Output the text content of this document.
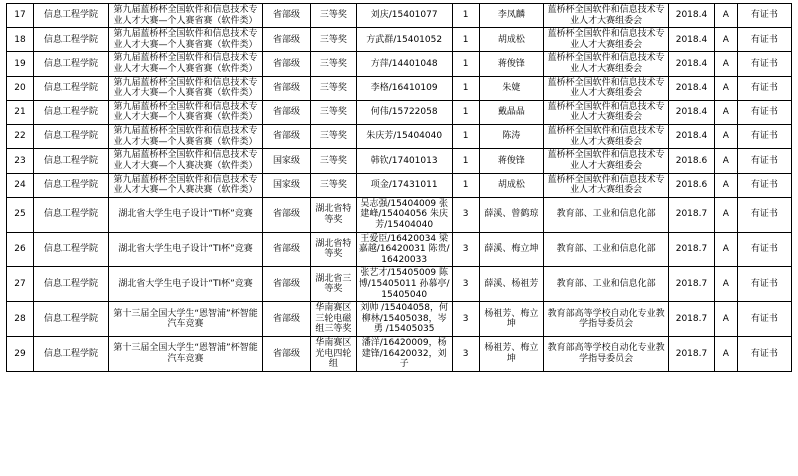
17	信息工程学院	第九届蓝桥杯全国软件和信息技术专业人才大赛—个人赛省赛（软件类）	省部级	三等奖	刘庆/15401077	1	李凤麟	蓝桥杯全国软件和信息技术专业人才大赛组委会	2018.4	A	有证书
18	信息工程学院	第九届蓝桥杯全国软件和信息技术专业人才大赛—个人赛省赛（软件类）	省部级	三等奖	方武群/15401052	1	胡成松	蓝桥杯全国软件和信息技术专业人才大赛组委会	2018.4	A	有证书
19	信息工程学院	第九届蓝桥杯全国软件和信息技术专业人才大赛—个人赛省赛（软件类）	省部级	三等奖	方萍/14401048	1	蒋俊锋	蓝桥杯全国软件和信息技术专业人才大赛组委会	2018.4	A	有证书
20	信息工程学院	第九届蓝桥杯全国软件和信息技术专业人才大赛—个人赛省赛（软件类）	省部级	三等奖	李格/16410109	1	朱婕	蓝桥杯全国软件和信息技术专业人才大赛组委会	2018.4	A	有证书
21	信息工程学院	第九届蓝桥杯全国软件和信息技术专业人才大赛—个人赛省赛（软件类）	省部级	三等奖	何伟/15722058	1	戴晶晶	蓝桥杯全国软件和信息技术专业人才大赛组委会	2018.4	A	有证书
22	信息工程学院	第九届蓝桥杯全国软件和信息技术专业人才大赛—个人赛省赛（软件类）	省部级	三等奖	朱庆芳/15404040	1	陈涛	蓝桥杯全国软件和信息技术专业人才大赛组委会	2018.4	A	有证书
23	信息工程学院	第九届蓝桥杯全国软件和信息技术专业人才大赛—个人赛决赛（软件类）	国家级	三等奖	韩钦/17401013	1	蒋俊锋	蓝桥杯全国软件和信息技术专业人才大赛组委会	2018.6	A	有证书
24	信息工程学院	第九届蓝桥杯全国软件和信息技术专业人才大赛—个人赛决赛（软件类）	国家级	三等奖	项金/17431011	1	胡成松	蓝桥杯全国软件和信息技术专业人才大赛组委会	2018.6	A	有证书
25	信息工程学院	湖北省大学生电子设计“TI杯”竞赛	省部级	湖北省特等奖	吴志强/15404009 张建峰/15404056 朱庆芳/15404040	3	薛溪、曾鹤琼	教育部、工业和信息化部	2018.7	A	有证书
26	信息工程学院	湖北省大学生电子设计“TI杯”竞赛	省部级	湖北省特等奖	王爱臣/16420034 梁嘉越/16420031 陈贵/16420033	3	薛溪、梅立坤	教育部、工业和信息化部	2018.7	A	有证书
27	信息工程学院	湖北省大学生电子设计“TI杯”竞赛	省部级	湖北省三等奖	张艺才/15405009 陈博/15405011 孙慕亭/15405040	3	薛溪、杨祖芳	教育部、工业和信息化部	2018.7	A	有证书
28	信息工程学院	第十三届全国大学生“恩智浦”杯智能汽车竞赛	省部级	华南赛区三轮电磁组三等奖	刘帅 /15404058，何柳林/15405038，岑勇 /15405035	3	杨祖芳、梅立坤	教育部高等学校自动化专业教学指导委员会	2018.7	A	有证书
29	信息工程学院	第十三届全国大学生“恩智浦”杯智能汽车竞赛	省部级	华南赛区光电四轮组	潘洋/16420009，杨建锋/16420032，刘子	3	杨祖芳、梅立坤	教育部高等学校自动化专业教学指导委员会	2018.7	A	有证书
